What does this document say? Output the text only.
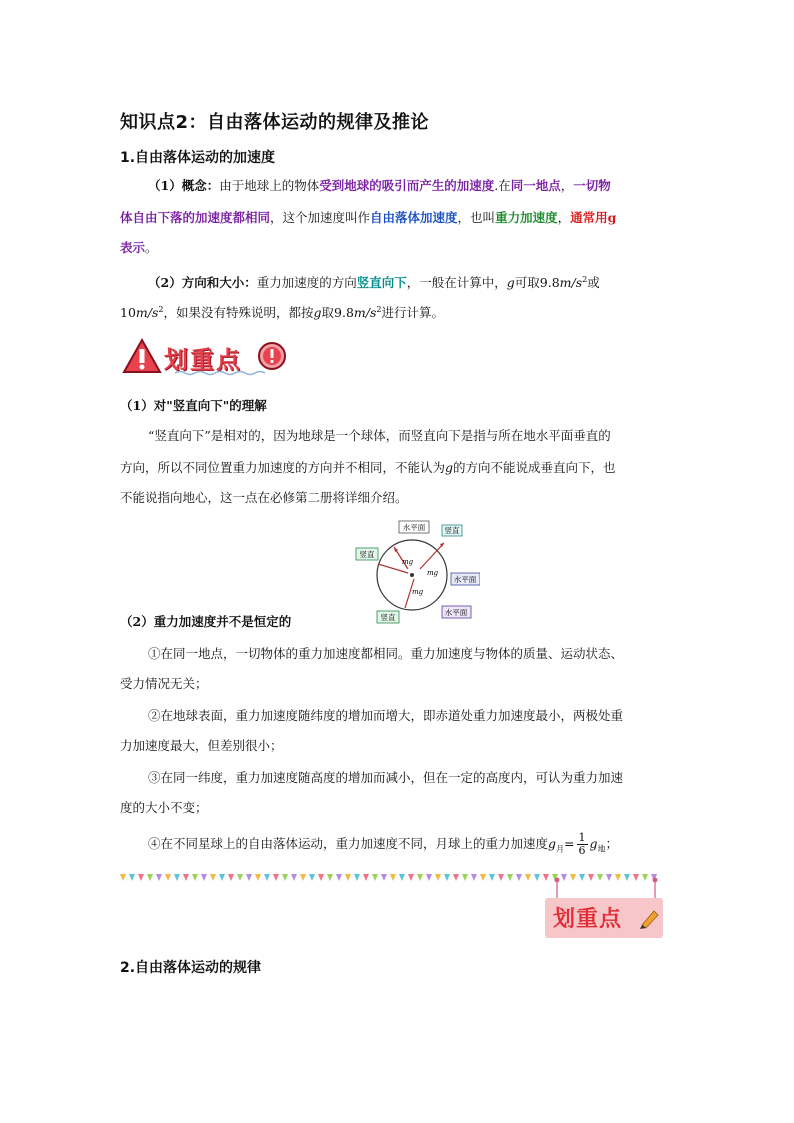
知识点2：自由落体运动的规律及推论
1.自由落体运动的加速度
（1）概念：由于地球上的物体受到地球的吸引而产生的加速度.在同一地点，一切物
体自由下落的加速度都相同，这个加速度叫作自由落体加速度，也叫重力加速度，通常用g
表示。
（2）方向和大小：重力加速度的方向竖直向下，一般在计算中，g可取$9.8m/s^2$或
$10m/s^2$，如果没有特殊说明，都按g取$9.8m/s^2$进行计算。
划重点
（1）对"竖直向下"的理解
“竖直向下”是相对的，因为地球是一个球体，而竖直向下是指与所在地水平面垂直的
方向，所以不同位置重力加速度的方向并不相同，不能认为g的方向不能说成垂直向下，也
不能说指向地心，这一点在必修第二册将详细介绍。
水平面	竖直
竖直
水平面
竖直
水平面
mg
mg
mg
（2）重力加速度并不是恒定的
①在同一地点，一切物体的重力加速度都相同。重力加速度与物体的质量、运动状态、
受力情况无关；
②在地球表面，重力加速度随纬度的增加而增大，即赤道处重力加速度最小，两极处重
力加速度最大，但差别很小；
③在同一纬度，重力加速度随高度的增加而减小，但在一定的高度内，可认为重力加速
度的大小不变；
④在不同星球上的自由落体运动，重力加速度不同，月球上的重力加速度$g_月= \frac{1}{6} g_地$；
划重点
2.自由落体运动的规律
